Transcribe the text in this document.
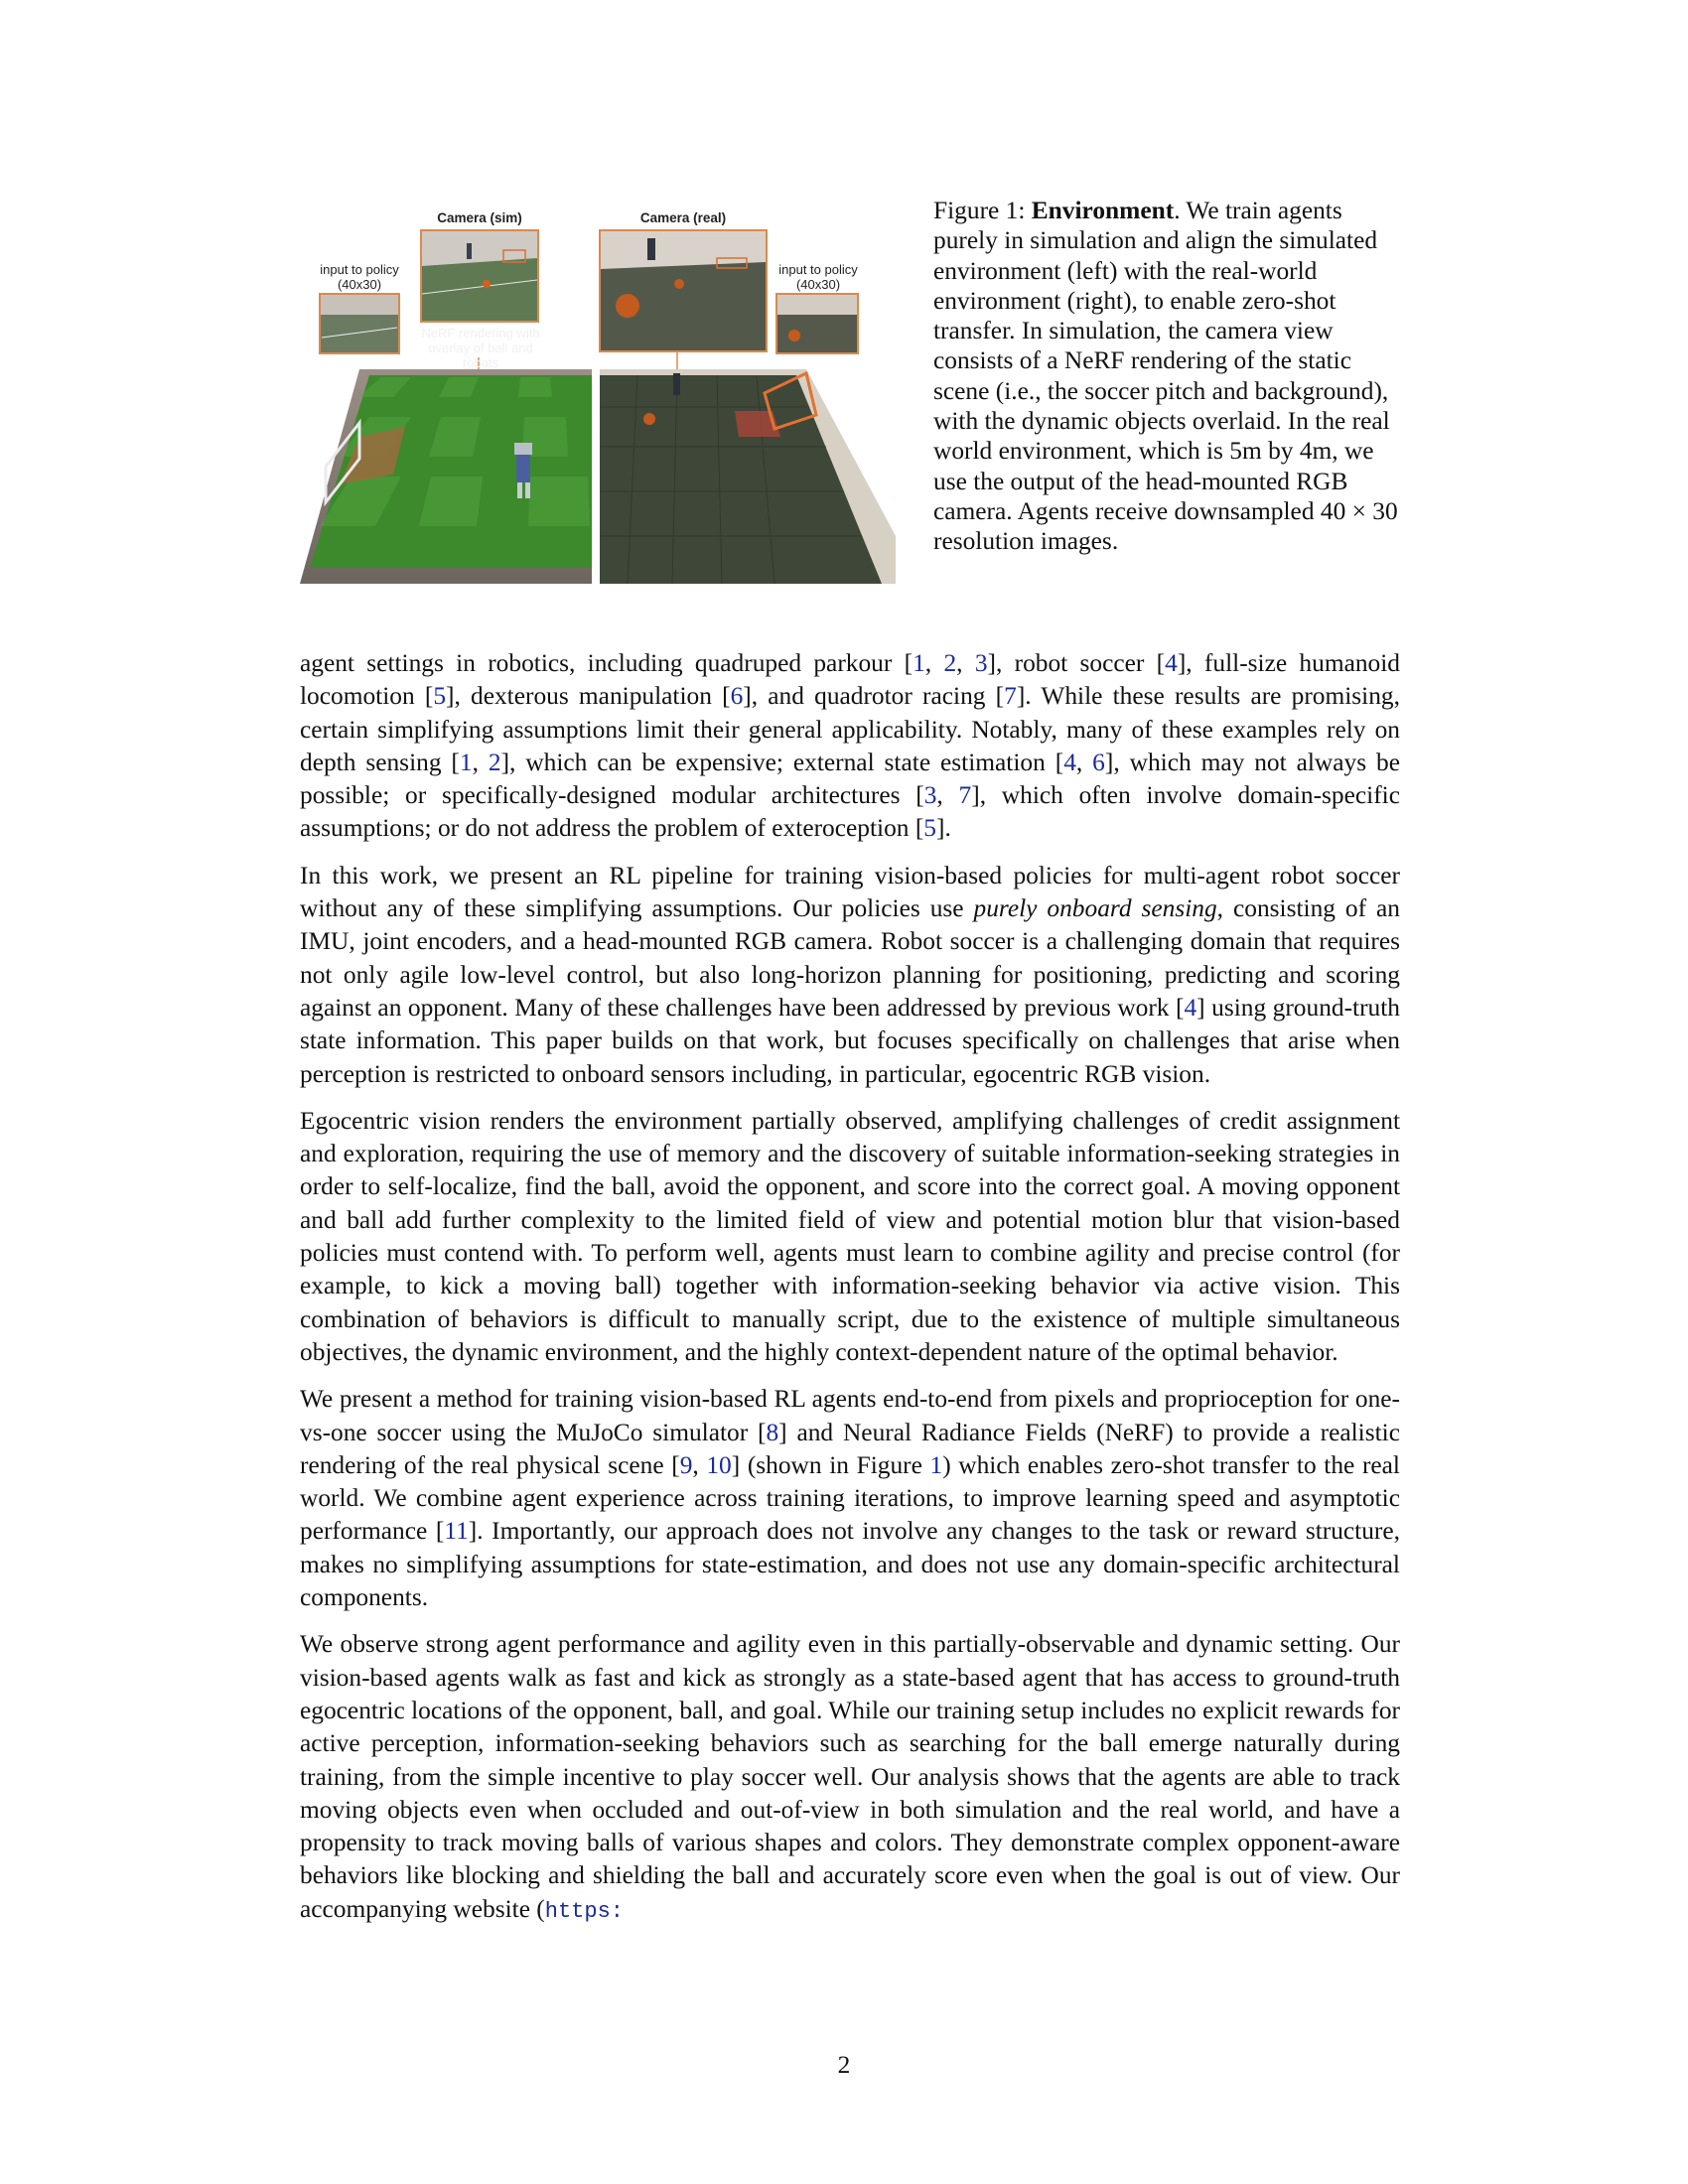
Camera (sim)	Camera (real)
input to policy (40x30)
input to policy (40x30)
NeRF rendering with overlay of ball and robots
Figure 1: Environment. We train agents purely in simulation and align the simulated environment (left) with the real-world environment (right), to enable zero-shot transfer. In simulation, the camera view consists of a NeRF rendering of the static scene (i.e., the soccer pitch and background), with the dynamic objects overlaid. In the real world environment, which is 5m by 4m, we use the output of the head-mounted RGB camera. Agents receive downsampled 40 × 30 resolution images.

agent settings in robotics, including quadruped parkour [1, 2, 3], robot soccer [4], full-size humanoid locomotion [5], dexterous manipulation [6], and quadrotor racing [7]. While these results are promising, certain simplifying assumptions limit their general applicability. Notably, many of these examples rely on depth sensing [1, 2], which can be expensive; external state estimation [4, 6], which may not always be possible; or specifically-designed modular architectures [3, 7], which often involve domain-specific assumptions; or do not address the problem of exteroception [5].

In this work, we present an RL pipeline for training vision-based policies for multi-agent robot soccer without any of these simplifying assumptions. Our policies use purely onboard sensing, consisting of an IMU, joint encoders, and a head-mounted RGB camera. Robot soccer is a challenging domain that requires not only agile low-level control, but also long-horizon planning for positioning, predicting and scoring against an opponent. Many of these challenges have been addressed by previous work [4] using ground-truth state information. This paper builds on that work, but focuses specifically on challenges that arise when perception is restricted to onboard sensors including, in particular, egocentric RGB vision.

Egocentric vision renders the environment partially observed, amplifying challenges of credit assignment and exploration, requiring the use of memory and the discovery of suitable information-seeking strategies in order to self-localize, find the ball, avoid the opponent, and score into the correct goal. A moving opponent and ball add further complexity to the limited field of view and potential motion blur that vision-based policies must contend with. To perform well, agents must learn to combine agility and precise control (for example, to kick a moving ball) together with information-seeking behavior via active vision. This combination of behaviors is difficult to manually script, due to the existence of multiple simultaneous objectives, the dynamic environment, and the highly context-dependent nature of the optimal behavior.

We present a method for training vision-based RL agents end-to-end from pixels and proprioception for one-vs-one soccer using the MuJoCo simulator [8] and Neural Radiance Fields (NeRF) to provide a realistic rendering of the real physical scene [9, 10] (shown in Figure 1) which enables zero-shot transfer to the real world. We combine agent experience across training iterations, to improve learning speed and asymptotic performance [11]. Importantly, our approach does not involve any changes to the task or reward structure, makes no simplifying assumptions for state-estimation, and does not use any domain-specific architectural components.

We observe strong agent performance and agility even in this partially-observable and dynamic setting. Our vision-based agents walk as fast and kick as strongly as a state-based agent that has access to ground-truth egocentric locations of the opponent, ball, and goal. While our training setup includes no explicit rewards for active perception, information-seeking behaviors such as searching for the ball emerge naturally during training, from the simple incentive to play soccer well. Our analysis shows that the agents are able to track moving objects even when occluded and out-of-view in both simulation and the real world, and have a propensity to track moving balls of various shapes and colors. They demonstrate complex opponent-aware behaviors like blocking and shielding the ball and accurately score even when the goal is out of view. Our accompanying website (https:

2
